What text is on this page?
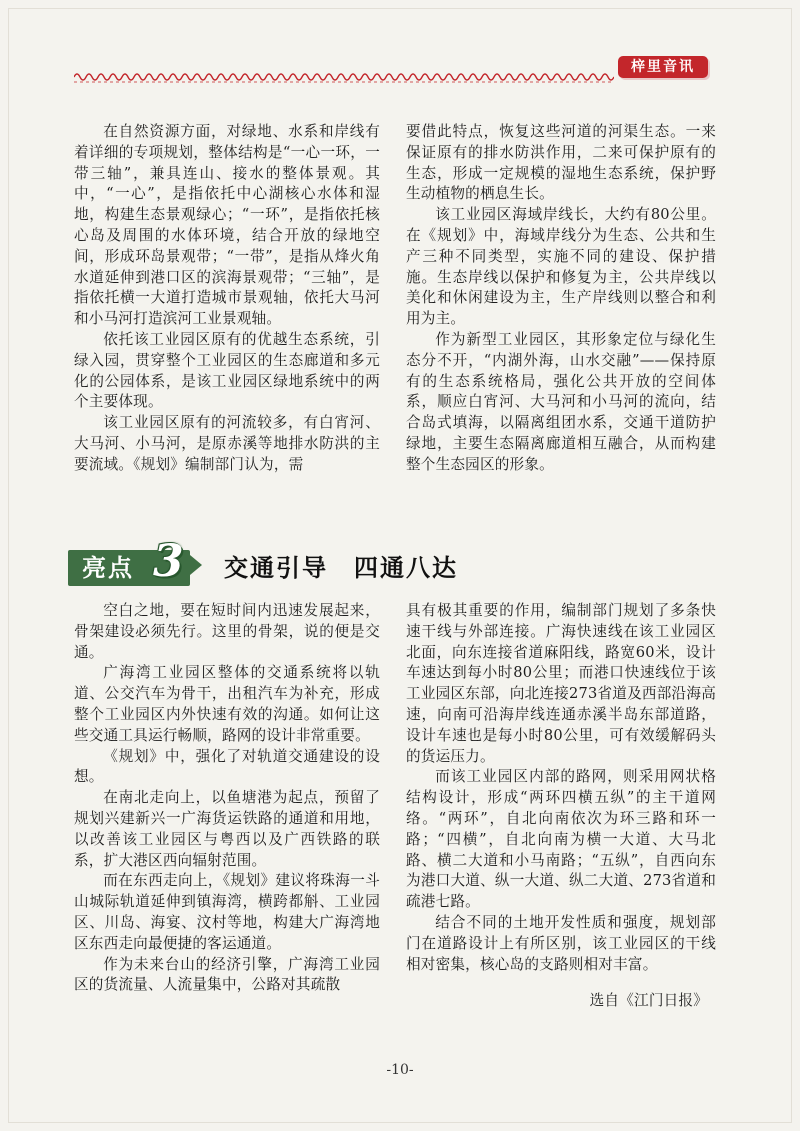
梓里音讯

在自然资源方面，对绿地、水系和岸线有着详细的专项规划，整体结构是“一心一环，一带三轴”，兼具连山、接水的整体景观。其中，“一心”，是指依托中心湖核心水体和湿地，构建生态景观绿心；“一环”，是指依托核心岛及周围的水体环境，结合开放的绿地空间，形成环岛景观带；“一带”，是指从烽火角水道延伸到港口区的滨海景观带；“三轴”，是指依托横一大道打造城市景观轴，依托大马河和小马河打造滨河工业景观轴。

依托该工业园区原有的优越生态系统，引绿入园，贯穿整个工业园区的生态廊道和多元化的公园体系，是该工业园区绿地系统中的两个主要体现。

该工业园区原有的河流较多，有白宵河、大马河、小马河，是原赤溪等地排水防洪的主要流域。《规划》编制部门认为，需

要借此特点，恢复这些河道的河渠生态。一来保证原有的排水防洪作用，二来可保护原有的生态，形成一定规模的湿地生态系统，保护野生动植物的栖息生长。

该工业园区海域岸线长，大约有80公里。在《规划》中，海域岸线分为生态、公共和生产三种不同类型，实施不同的建设、保护措施。生态岸线以保护和修复为主，公共岸线以美化和休闲建设为主，生产岸线则以整合和利用为主。

作为新型工业园区，其形象定位与绿化生态分不开，“内湖外海，山水交融”——保持原有的生态系统格局，强化公共开放的空间体系，顺应白宵河、大马河和小马河的流向，结合岛式填海，以隔离组团水系，交通干道防护绿地，主要生态隔离廊道相互融合，从而构建整个生态园区的形象。

亮点 3 交通引导　四通八达

空白之地，要在短时间内迅速发展起来，骨架建设必须先行。这里的骨架，说的便是交通。

广海湾工业园区整体的交通系统将以轨道、公交汽车为骨干，出租汽车为补充，形成整个工业园区内外快速有效的沟通。如何让这些交通工具运行畅顺，路网的设计非常重要。

《规划》中，强化了对轨道交通建设的设想。

在南北走向上，以鱼塘港为起点，预留了规划兴建新兴一广海货运铁路的通道和用地，以改善该工业园区与粤西以及广西铁路的联系，扩大港区西向辐射范围。

而在东西走向上，《规划》建议将珠海一斗山城际轨道延伸到镇海湾，横跨都斛、工业园区、川岛、海宴、汶村等地，构建大广海湾地区东西走向最便捷的客运通道。

作为未来台山的经济引擎，广海湾工业园区的货流量、人流量集中，公路对其疏散

具有极其重要的作用，编制部门规划了多条快速干线与外部连接。广海快速线在该工业园区北面，向东连接省道麻阳线，路宽60米，设计车速达到每小时80公里；而港口快速线位于该工业园区东部，向北连接273省道及西部沿海高速，向南可沿海岸线连通赤溪半岛东部道路，设计车速也是每小时80公里，可有效缓解码头的货运压力。

而该工业园区内部的路网，则采用网状格结构设计，形成“两环四横五纵”的主干道网络。“两环”，自北向南依次为环三路和环一路；“四横”，自北向南为横一大道、大马北路、横二大道和小马南路；“五纵”，自西向东为港口大道、纵一大道、纵二大道、273省道和疏港七路。

结合不同的土地开发性质和强度，规划部门在道路设计上有所区别，该工业园区的干线相对密集，核心岛的支路则相对丰富。

选自《江门日报》

-10-
